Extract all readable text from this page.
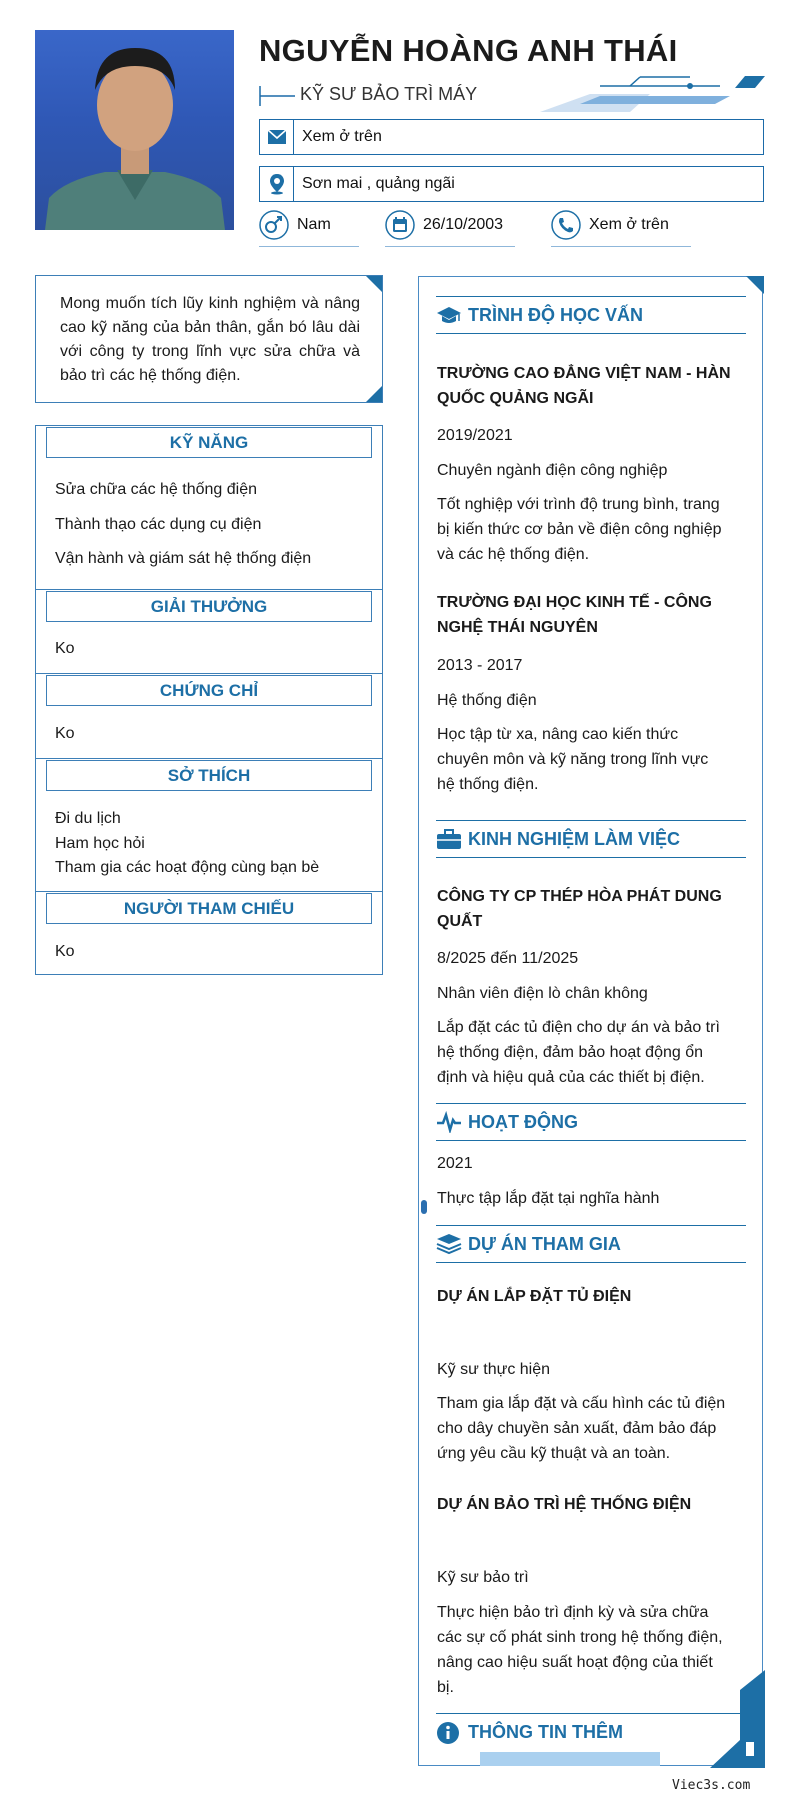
NGUYỄN HOÀNG ANH THÁI
KỸ SƯ BẢO TRÌ MÁY
Xem ở trên
Sơn mai , quảng ngãi
Nam	26/10/2003	Xem ở trên

Mong muốn tích lũy kinh nghiệm và nâng cao kỹ năng của bản thân, gắn bó lâu dài với công ty trong lĩnh vực sửa chữa và bảo trì các hệ thống điện.

KỸ NĂNG
Sửa chữa các hệ thống điện
Thành thạo các dụng cụ điện
Vận hành và giám sát hệ thống điện
GIẢI THƯỞNG
Ko
CHỨNG CHỈ
Ko
SỞ THÍCH
Đi du lịch
Ham học hỏi
Tham gia các hoạt động cùng bạn bè
NGƯỜI THAM CHIẾU
Ko
TRÌNH ĐỘ HỌC VẤN
TRƯỜNG CAO ĐẲNG VIỆT NAM - HÀN
QUỐC QUẢNG NGÃI
2019/2021
Chuyên ngành điện công nghiệp
Tốt nghiệp với trình độ trung bình, trang
bị kiến thức cơ bản về điện công nghiệp
và các hệ thống điện.
TRƯỜNG ĐẠI HỌC KINH TẾ - CÔNG
NGHỆ THÁI NGUYÊN
2013 - 2017
Hệ thống điện
Học tập từ xa, nâng cao kiến thức
chuyên môn và kỹ năng trong lĩnh vực
hệ thống điện.
KINH NGHIỆM LÀM VIỆC
CÔNG TY CP THÉP HÒA PHÁT DUNG
QUẤT
8/2025 đến 11/2025
Nhân viên điện lò chân không
Lắp đặt các tủ điện cho dự án và bảo trì
hệ thống điện, đảm bảo hoạt động ổn
định và hiệu quả của các thiết bị điện.
HOẠT ĐỘNG
2021
Thực tập lắp đặt tại nghĩa hành
DỰ ÁN THAM GIA
DỰ ÁN LẮP ĐẶT TỦ ĐIỆN
Kỹ sư thực hiện
Tham gia lắp đặt và cấu hình các tủ điện
cho dây chuyền sản xuất, đảm bảo đáp
ứng yêu cầu kỹ thuật và an toàn.
DỰ ÁN BẢO TRÌ HỆ THỐNG ĐIỆN
Kỹ sư bảo trì
Thực hiện bảo trì định kỳ và sửa chữa
các sự cố phát sinh trong hệ thống điện,
nâng cao hiệu suất hoạt động của thiết
bị.
THÔNG TIN THÊM
Viec3s.com
